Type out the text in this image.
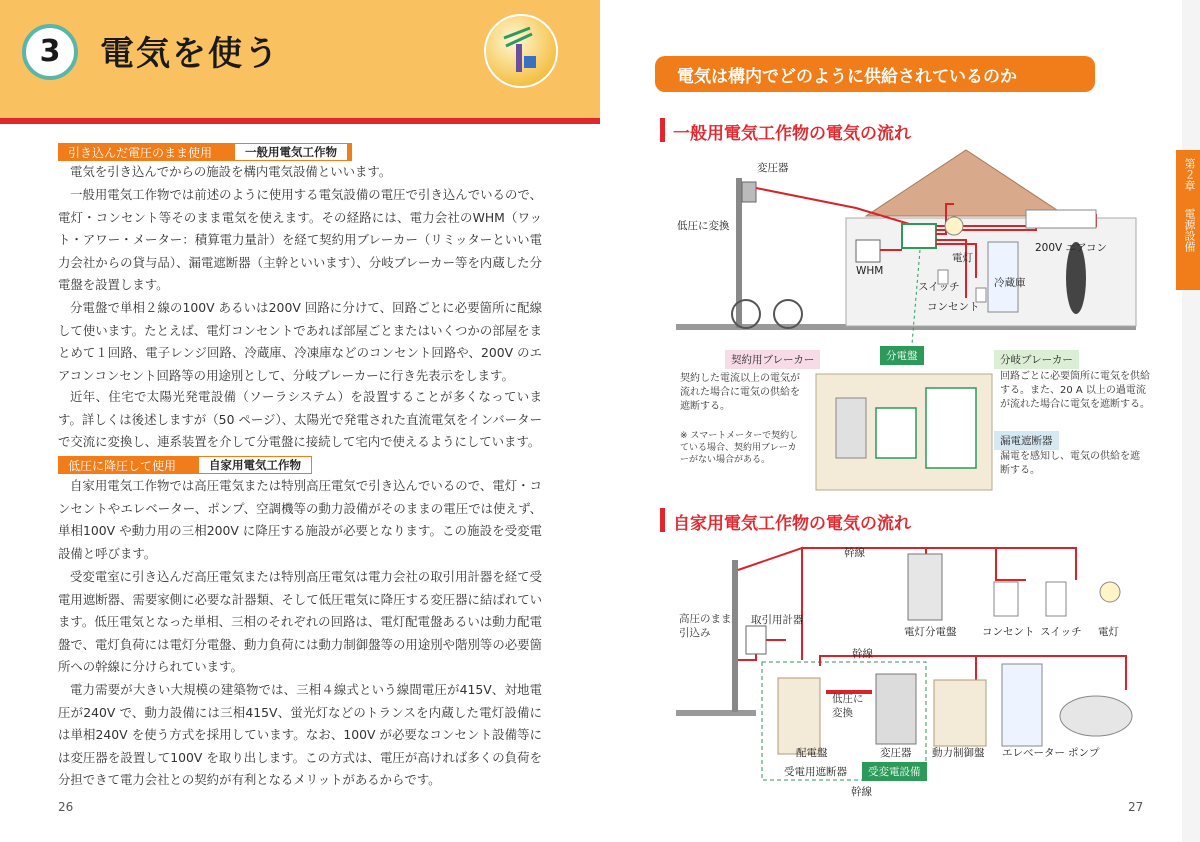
3	電気を使う
引き込んだ電圧のまま使用	一般用電気工作物

電気を引き込んでからの施設を構内電気設備といいます。

一般用電気工作物では前述のように使用する電気設備の電圧で引き込んでいるので、電灯・コンセント等そのまま電気を使えます。その経路には、電力会社のWHM（ワット・アワー・メーター：積算電力量計）を経て契約用ブレーカー（リミッターといい電力会社からの貸与品）、漏電遮断器（主幹といいます）、分岐ブレーカー等を内蔵した分電盤を設置します。

分電盤で単相２線の100V あるいは200V 回路に分けて、回路ごとに必要箇所に配線して使います。たとえば、電灯コンセントであれば部屋ごとまたはいくつかの部屋をまとめて１回路、電子レンジ回路、冷蔵庫、冷凍庫などのコンセント回路や、200V のエアコンコンセント回路等の用途別として、分岐ブレーカーに行き先表示をします。

近年、住宅で太陽光発電設備（ソーラシステム）を設置することが多くなっています。詳しくは後述しますが（50 ページ）、太陽光で発電された直流電気をインバーターで交流に変換し、連系装置を介して分電盤に接続して宅内で使えるようにしています。

低圧に降圧して使用	自家用電気工作物

自家用電気工作物では高圧電気または特別高圧電気で引き込んでいるので、電灯・コンセントやエレベーター、ポンプ、空調機等の動力設備がそのままの電圧では使えず、単相100V や動力用の三相200V に降圧する施設が必要となります。この施設を受変電設備と呼びます。

受変電室に引き込んだ高圧電気または特別高圧電気は電力会社の取引用計器を経て受電用遮断器、需要家側に必要な計器類、そして低圧電気に降圧する変圧器に結ばれています。低圧電気となった単相、三相のそれぞれの回路は、電灯配電盤あるいは動力配電盤で、電灯負荷には電灯分電盤、動力負荷には動力制御盤等の用途別や階別等の必要箇所への幹線に分けられています。

電力需要が大きい大規模の建築物では、三相４線式という線間電圧が415V、対地電圧が240V で、動力設備には三相415V、蛍光灯などのトランスを内蔵した電灯設備には単相240V を使う方式を採用しています。なお、100V が必要なコンセント設備等には変圧器を設置して100V を取り出します。この方式は、電圧が高ければ多くの負荷を分担できて電力会社との契約が有利となるメリットがあるからです。

26
第２章
電源設備
電気は構内でどのように供給されているのか
一般用電気工作物の電気の流れ
自家用電気工作物の電気の流れ
27
変圧器
低圧に変換
WHM
スイッチ
電灯
コンセント
冷蔵庫
200V エアコン
分電盤
契約用ブレーカー
契約した電流以上の電気が流れた場合に電気の供給を遮断する。
※ スマートメーターで契約している場合、契約用ブレーカーがない場合がある。
分岐ブレーカー
回路ごとに必要箇所に電気を供給する。また、20 A 以上の過電流が流れた場合に電気を遮断する。
漏電遮断器
漏電を感知し、電気の供給を遮断する。
幹線
幹線
幹線
高圧のまま引込み
取引用計器
電灯分電盤 コンセント スイッチ 電灯
低圧に変換
配電盤	変圧器 動力制御盤 エレベーター ポンプ
受電用遮断器	受変電設備
